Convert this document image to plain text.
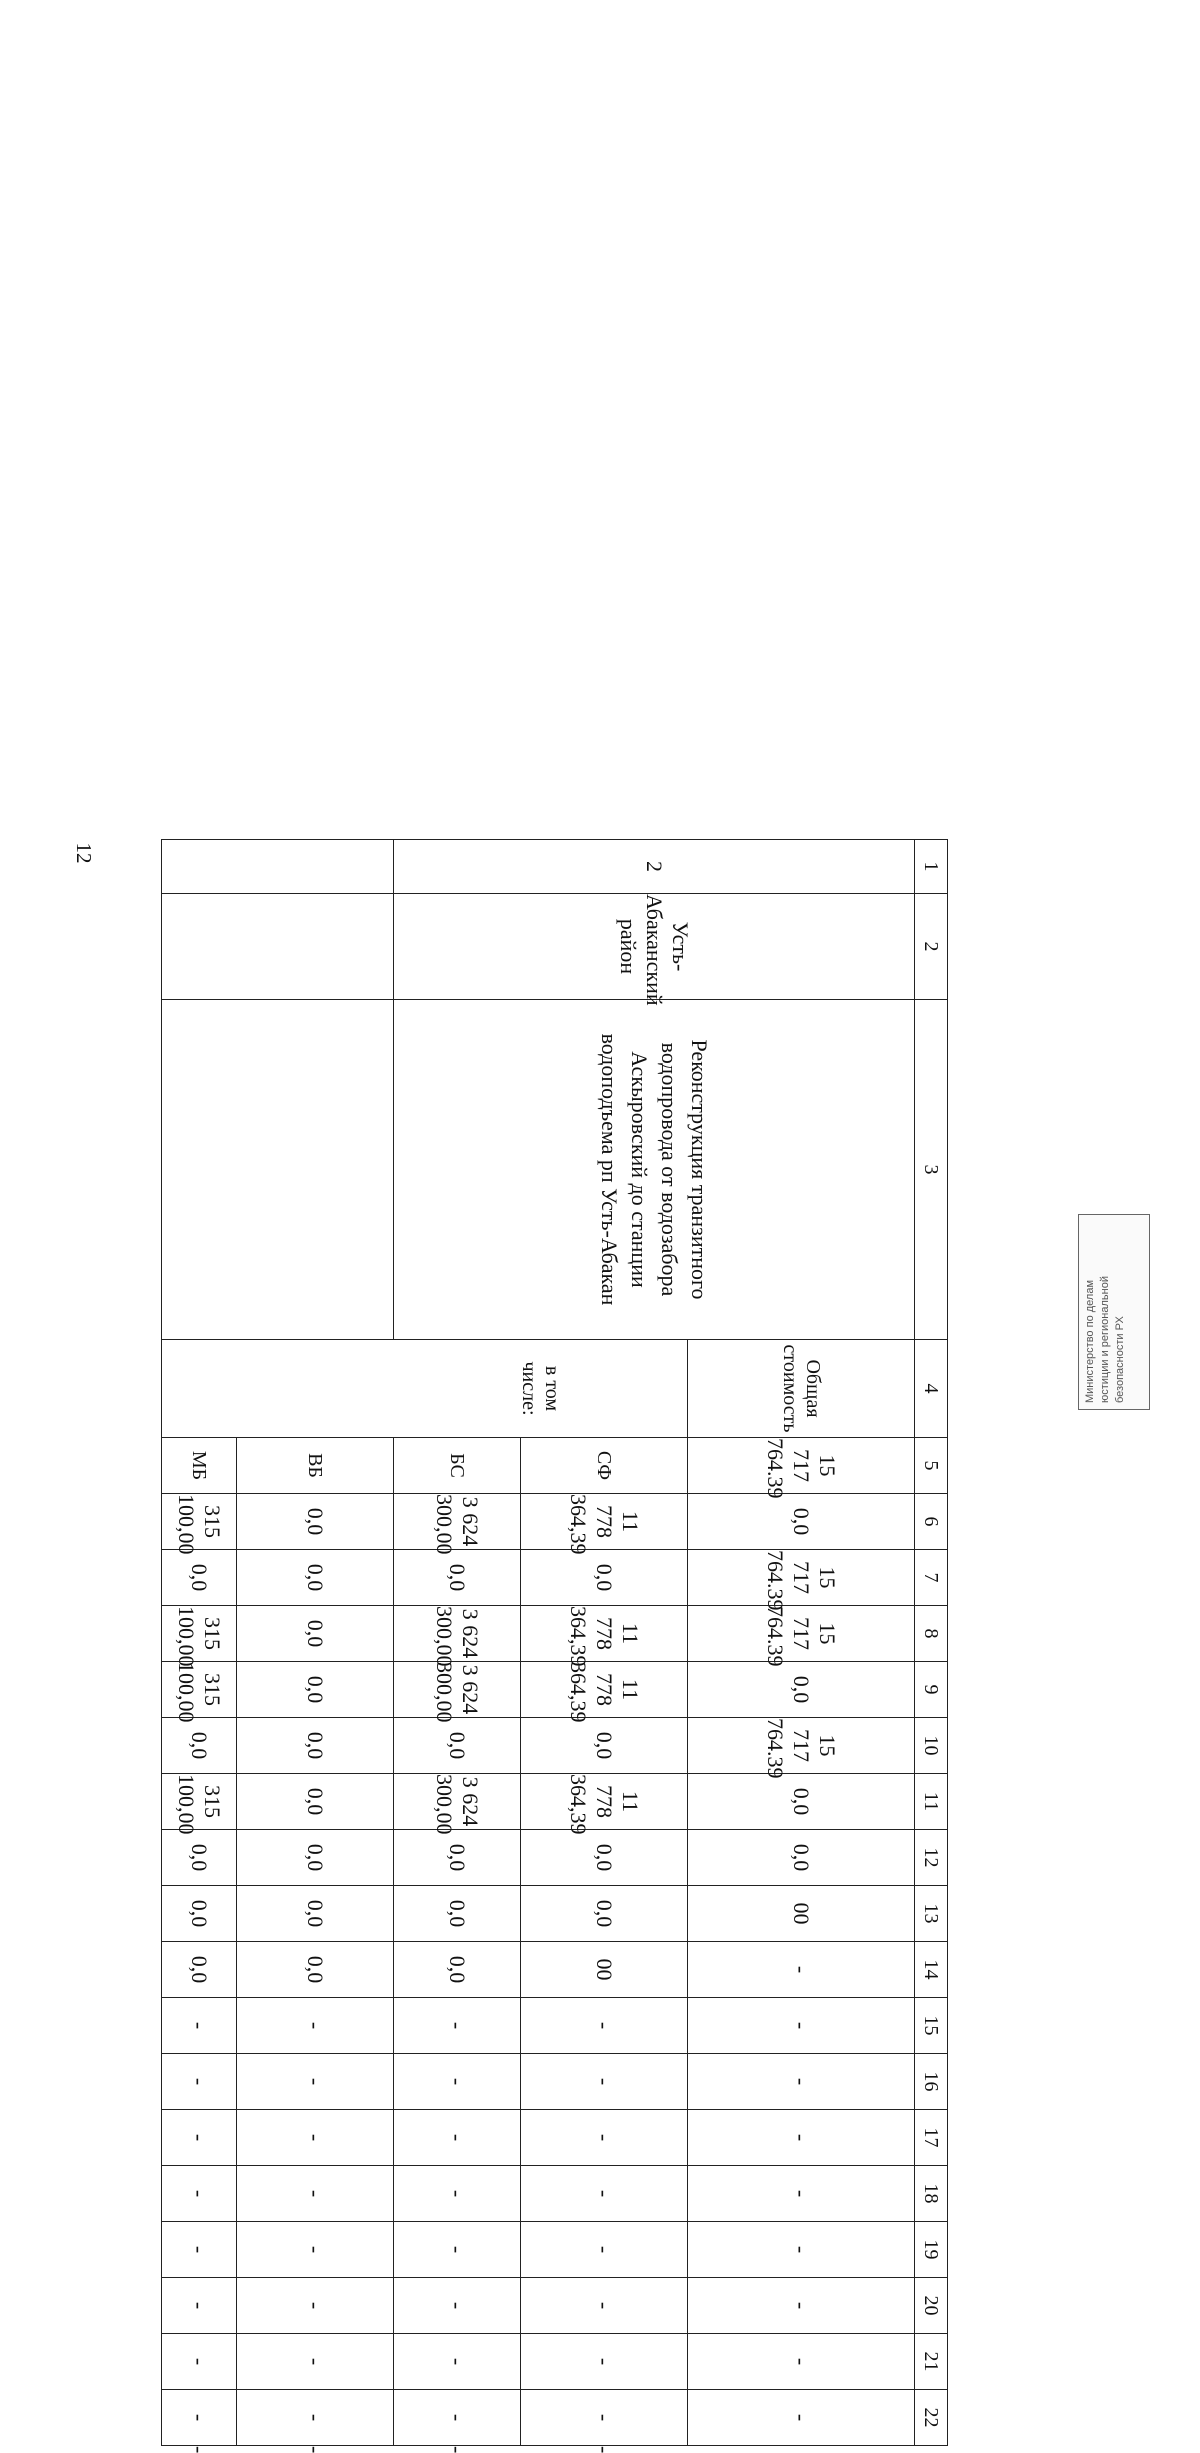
12
1	2	3	4	5	6	7	8	9	10	11	12	13	14	15	16	17	18	19	20	21	22	
2	Усть-Абаканский район	Реконструкция транзитного водопровода от водозабора Аскыровский до станции водоподъема рп Усть-Абакан	Общая стоимость	15 717 764.39	0,0	15 717 764.39	15 717 764.39	0,0	15 717 764.39	0,0	0,0	00	-	-	-	-	-	-	-	-	-	
			в том числе:	СФ	11 778 364,39	0,0	11 778 364,39	11 778 364,39	0,0	11 778 364,39	0,0	0,0	00	-	-	-	-	-	-	-	-	-
				БС	3 624 300,00	0,0	3 624 300,00	3 624 300,00	0,0	3 624 300,00	0,0	0,0	0,0	-	-	-	-	-	-	-	-	-
				ВБ	0,0	0,0	0,0	0,0	0,0	0,0	0,0	0,0	0,0	-	-	-	-	-	-	-	-	-
				МБ	315 100,00	0,0	315 100,00	315 100,00	0,0	315 100,00	0,0	0,0	0,0	-	-	-	-	-	-	-	-	-
Министерство по делам юстиции и региональной безопасности РХ
